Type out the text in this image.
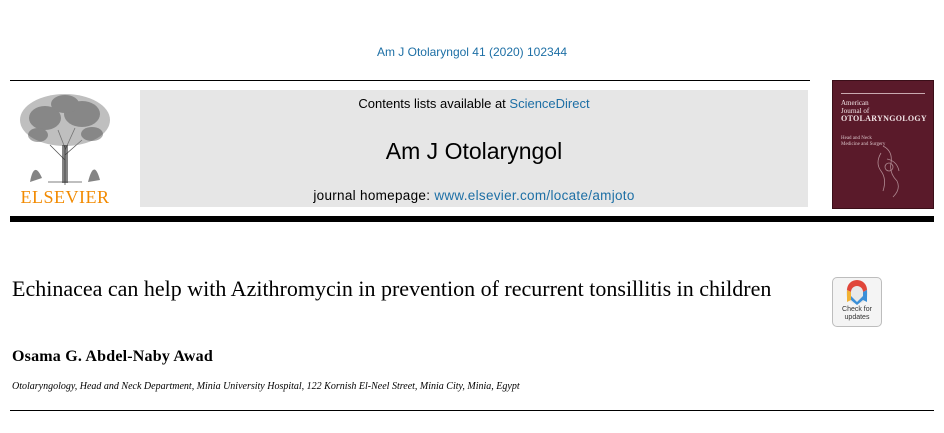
Am J Otolaryngol 41 (2020) 102344
ELSEVIER
Contents lists available at ScienceDirect
Am J Otolaryngol
journal homepage: www.elsevier.com/locate/amjoto
American
Journal of
OTOLARYNGOLOGY
Head and Neck
Medicine and Surgery
Echinacea can help with Azithromycin in prevention of recurrent tonsillitis in children
Check for
updates
Osama G. Abdel-Naby Awad
Otolaryngology, Head and Neck Department, Minia University Hospital, 122 Kornish El-Neel Street, Minia City, Minia, Egypt
